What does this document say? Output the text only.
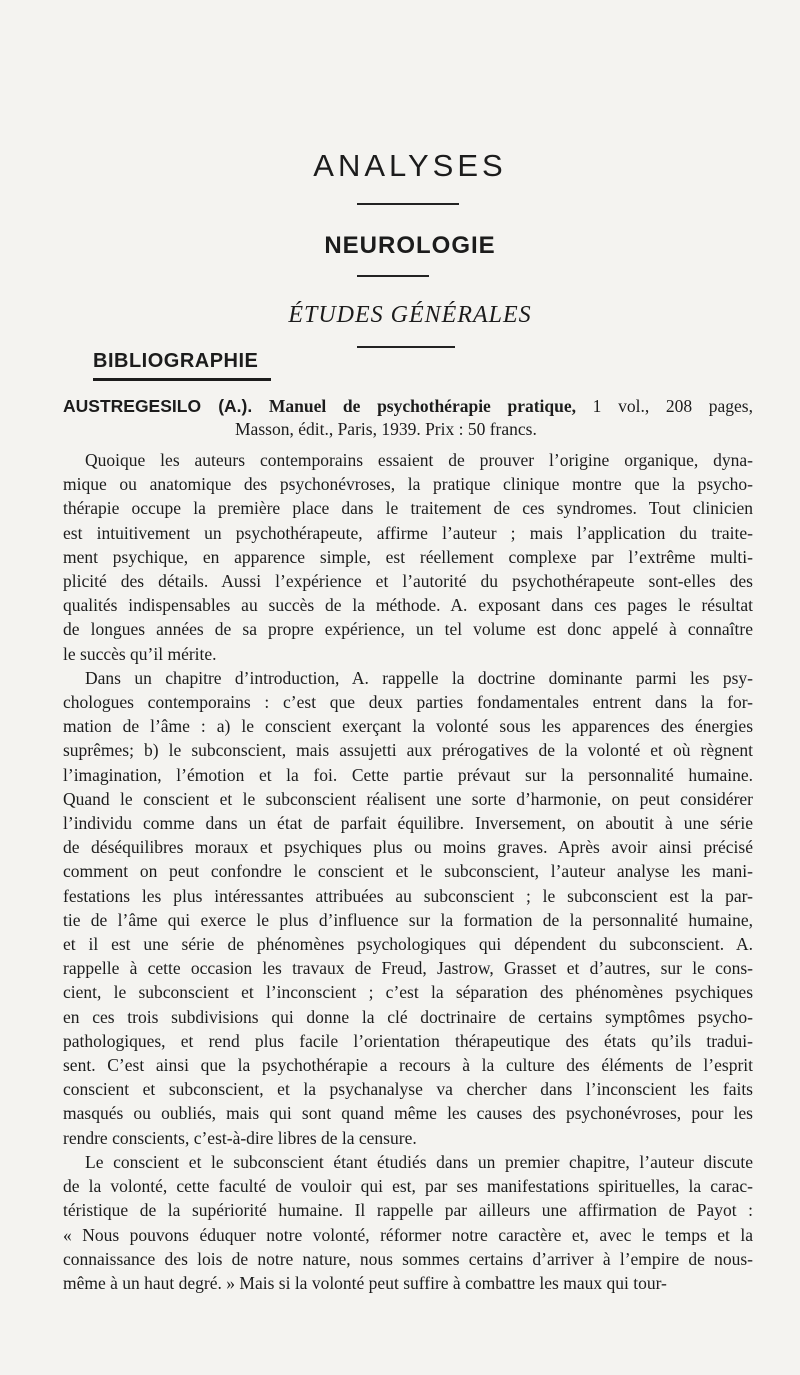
ANALYSES
NEUROLOGIE
ÉTUDES GÉNÉRALES
BIBLIOGRAPHIE
AUSTREGESILO (A.). Manuel de psychothérapie pratique, 1 vol., 208 pages,
Masson, édit., Paris, 1939. Prix : 50 francs.
Quoique les auteurs contemporains essaient de prouver l’origine organique, dyna-
mique ou anatomique des psychonévroses, la pratique clinique montre que la psycho-
thérapie occupe la première place dans le traitement de ces syndromes. Tout clinicien
est intuitivement un psychothérapeute, affirme l’auteur ; mais l’application du traite-
ment psychique, en apparence simple, est réellement complexe par l’extrême multi-
plicité des détails. Aussi l’expérience et l’autorité du psychothérapeute sont-elles des
qualités indispensables au succès de la méthode. A. exposant dans ces pages le résultat
de longues années de sa propre expérience, un tel volume est donc appelé à connaître
le succès qu’il mérite.
Dans un chapitre d’introduction, A. rappelle la doctrine dominante parmi les psy-
chologues contemporains : c’est que deux parties fondamentales entrent dans la for-
mation de l’âme : a) le conscient exerçant la volonté sous les apparences des énergies
suprêmes; b) le subconscient, mais assujetti aux prérogatives de la volonté et où règnent
l’imagination, l’émotion et la foi. Cette partie prévaut sur la personnalité humaine.
Quand le conscient et le subconscient réalisent une sorte d’harmonie, on peut considérer
l’individu comme dans un état de parfait équilibre. Inversement, on aboutit à une série
de déséquilibres moraux et psychiques plus ou moins graves. Après avoir ainsi précisé
comment on peut confondre le conscient et le subconscient, l’auteur analyse les mani-
festations les plus intéressantes attribuées au subconscient ; le subconscient est la par-
tie de l’âme qui exerce le plus d’influence sur la formation de la personnalité humaine,
et il est une série de phénomènes psychologiques qui dépendent du subconscient. A.
rappelle à cette occasion les travaux de Freud, Jastrow, Grasset et d’autres, sur le cons-
cient, le subconscient et l’inconscient ; c’est la séparation des phénomènes psychiques
en ces trois subdivisions qui donne la clé doctrinaire de certains symptômes psycho-
pathologiques, et rend plus facile l’orientation thérapeutique des états qu’ils tradui-
sent. C’est ainsi que la psychothérapie a recours à la culture des éléments de l’esprit
conscient et subconscient, et la psychanalyse va chercher dans l’inconscient les faits
masqués ou oubliés, mais qui sont quand même les causes des psychonévroses, pour les
rendre conscients, c’est-à-dire libres de la censure.
Le conscient et le subconscient étant étudiés dans un premier chapitre, l’auteur discute
de la volonté, cette faculté de vouloir qui est, par ses manifestations spirituelles, la carac-
téristique de la supériorité humaine. Il rappelle par ailleurs une affirmation de Payot :
« Nous pouvons éduquer notre volonté, réformer notre caractère et, avec le temps et la
connaissance des lois de notre nature, nous sommes certains d’arriver à l’empire de nous-
même à un haut degré. » Mais si la volonté peut suffire à combattre les maux qui tour-
